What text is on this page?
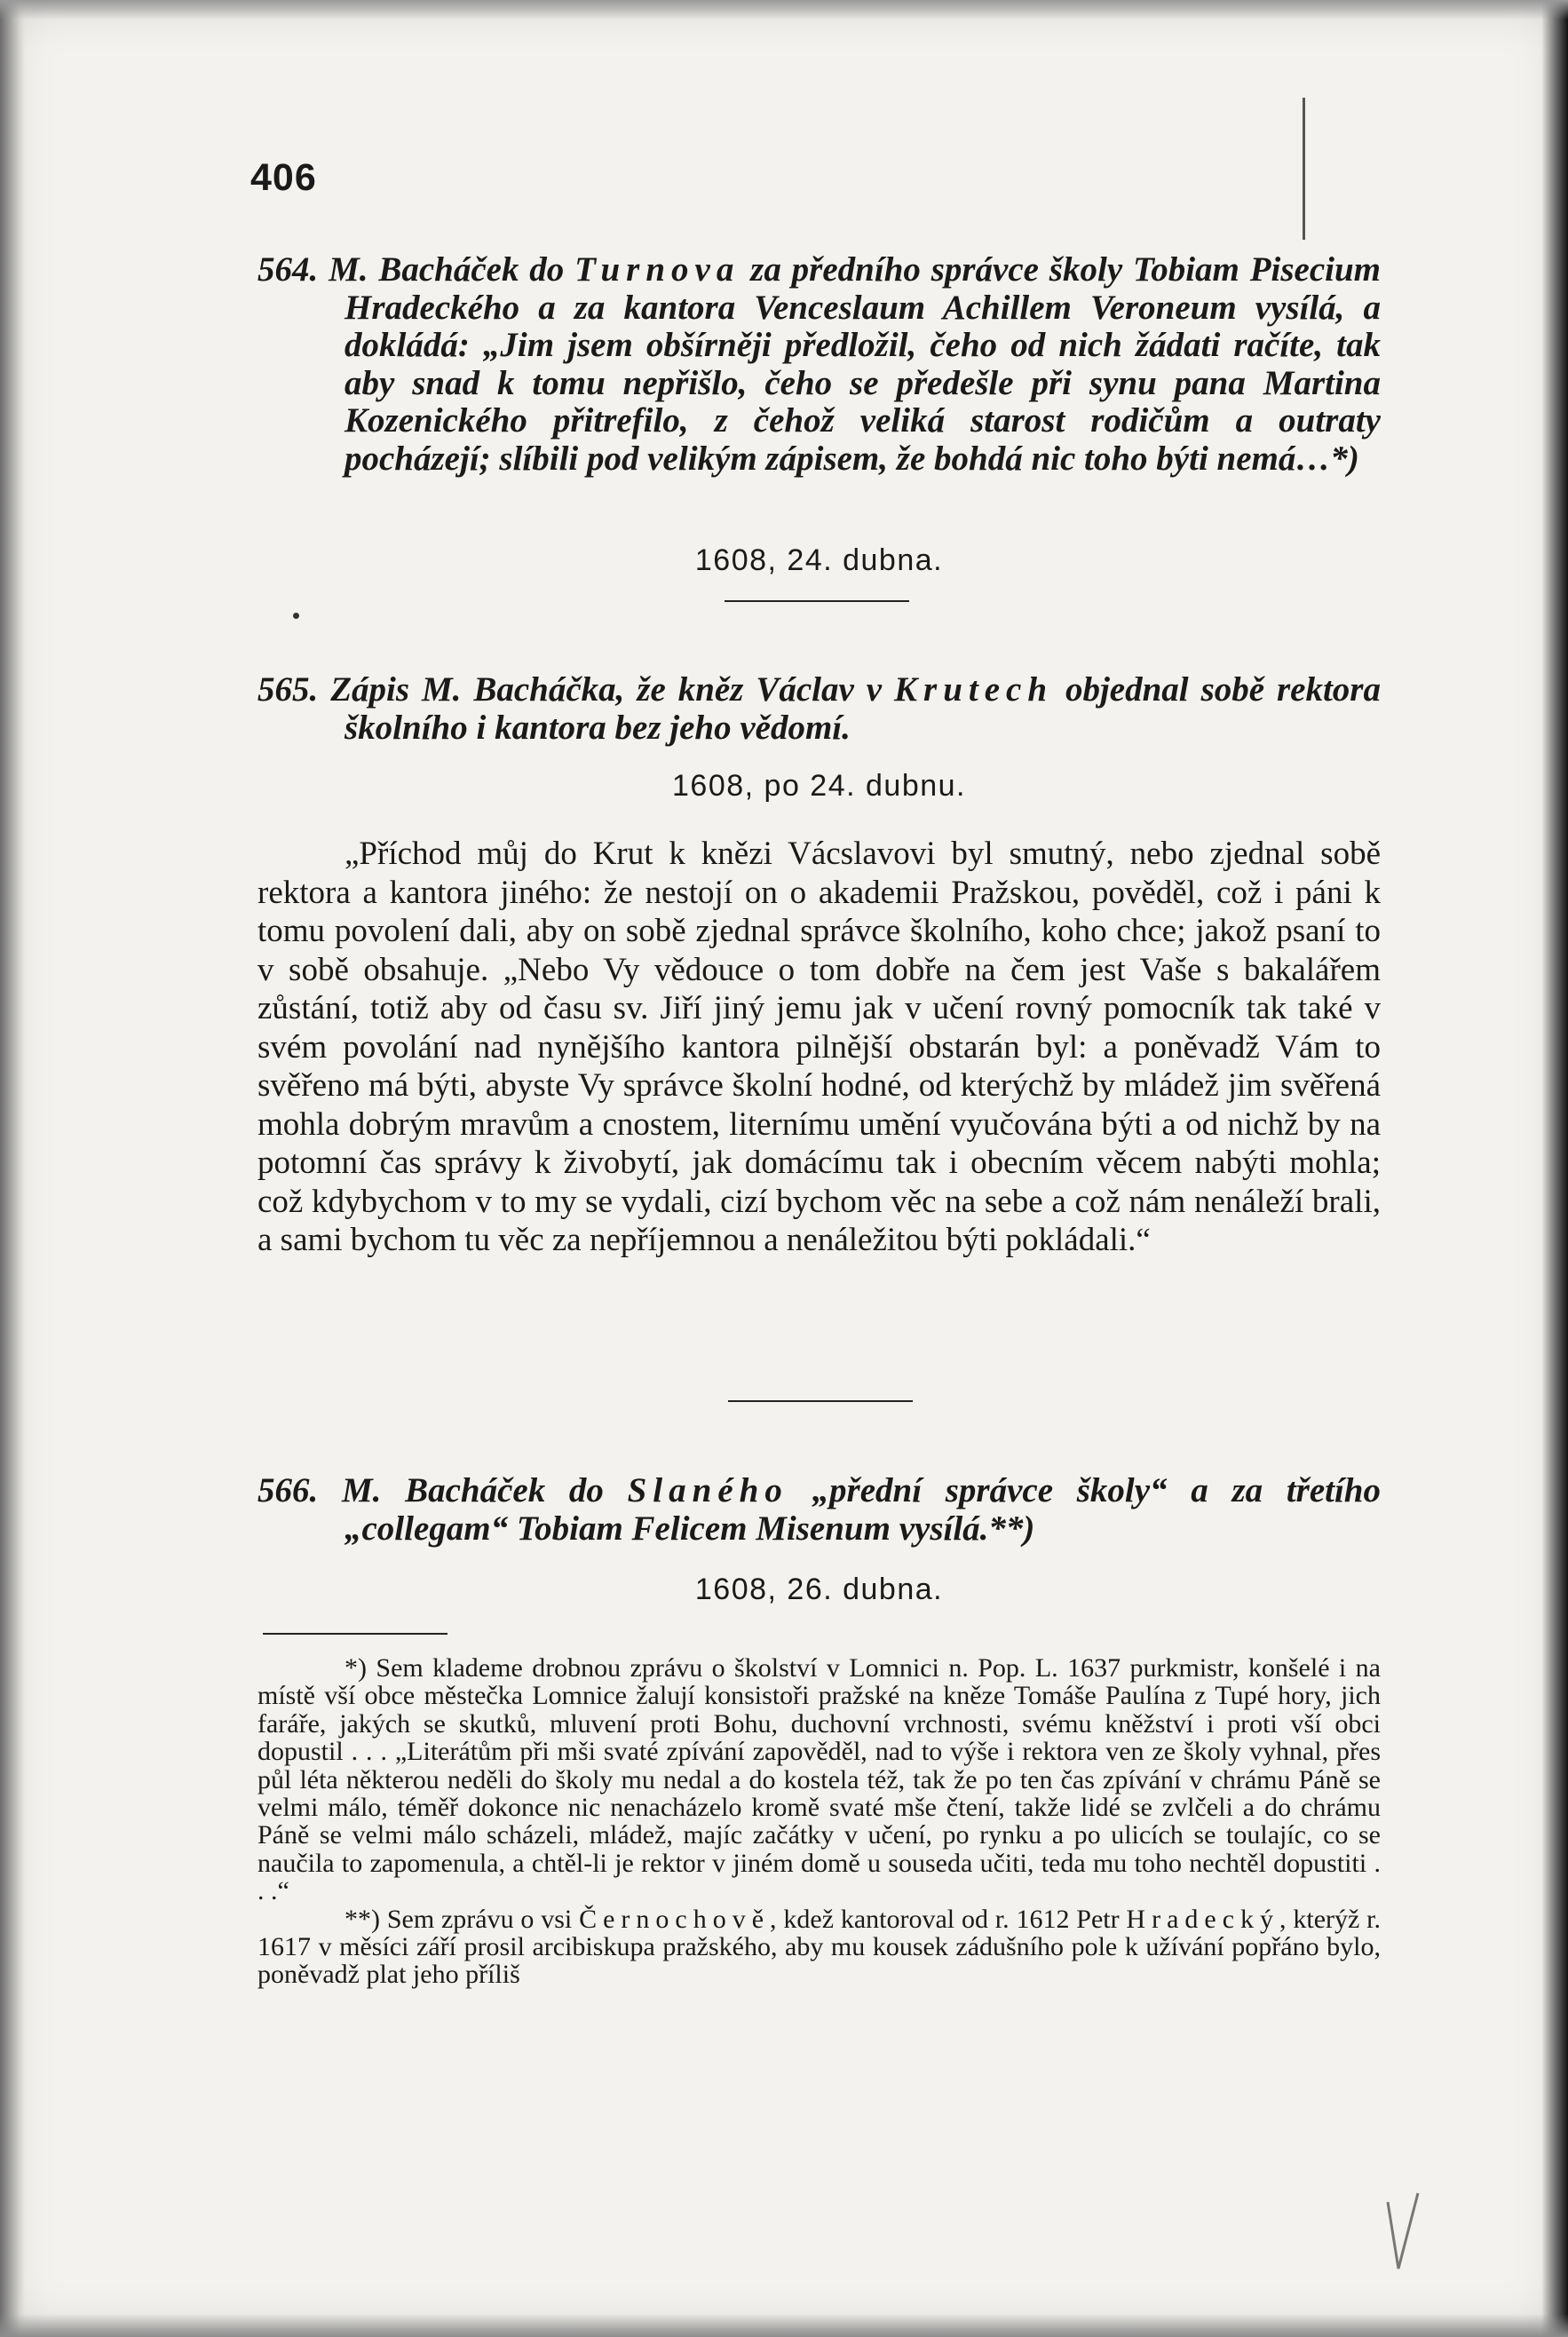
406

564. M. Bacháček do Turnova za předního správce školy Tobiam Pisecium Hradeckého a za kantora Venceslaum Achillem Veroneum vysílá, a dokládá: „Jim jsem obšírněji předložil, čeho od nich žádati račíte, tak aby snad k tomu nepřišlo, čeho se předešle při synu pana Martina Kozenického přitrefilo, z čehož veliká starost rodičům a outraty pocházejí; slíbili pod velikým zápisem, že bohdá nic toho býti nemá…*)

1608, 24. dubna.

565. Zápis M. Bacháčka, že kněz Václav v Krutech objednal sobě rektora školního i kantora bez jeho vědomí.

1608, po 24. dubnu.

„Příchod můj do Krut k knězi Vácslavovi byl smutný, nebo zjednal sobě rektora a kantora jiného: že nestojí on o akademii Pražskou, pověděl, což i páni k tomu povolení dali, aby on sobě zjednal správce školního, koho chce; jakož psaní to v sobě obsahuje. „Nebo Vy vědouce o tom dobře na čem jest Vaše s bakalářem zůstání, totiž aby od času sv. Jiří jiný jemu jak v učení rovný pomocník tak také v svém povolání nad nynějšího kantora pilnější obstarán byl: a poněvadž Vám to svěřeno má býti, abyste Vy správce školní hodné, od kterýchž by mládež jim svěřená mohla dobrým mravům a cnostem, liternímu umění vyučována býti a od nichž by na potomní čas správy k živobytí, jak domácímu tak i obecním věcem nabýti mohla; což kdybychom v to my se vydali, cizí bychom věc na sebe a což nám nenáleží brali, a sami bychom tu věc za nepříjemnou a nenáležitou býti pokládali.“

566. M. Bacháček do Slaného „přední správce školy“ a za třetího „collegam“ Tobiam Felicem Misenum vysílá.**)

1608, 26. dubna.

*) Sem klademe drobnou zprávu o školství v Lomnici n. Pop. L. 1637 purkmistr, konšelé i na místě vší obce městečka Lomnice žalují konsistoři pražské na kněze Tomáše Paulína z Tupé hory, jich faráře, jakých se skutků, mluvení proti Bohu, duchovní vrchnosti, svému kněžství i proti vší obci dopustil . . . „Literátům při mši svaté zpívání zapověděl, nad to výše i rektora ven ze školy vyhnal, přes půl léta některou neděli do školy mu nedal a do kostela též, tak že po ten čas zpívání v chrámu Páně se velmi málo, téměř dokonce nic nenacházelo kromě svaté mše čtení, takže lidé se zvlčeli a do chrámu Páně se velmi málo scházeli, mládež, majíc začátky v učení, po rynku a po ulicích se toulajíc, co se naučila to zapomenula, a chtěl-li je rektor v jiném domě u souseda učiti, teda mu toho nechtěl dopustiti . . .“

**) Sem zprávu o vsi Černochově, kdež kantoroval od r. 1612 Petr Hradecký, kterýž r. 1617 v měsíci září prosil arcibiskupa pražského, aby mu kousek zádušního pole k užívání popřáno bylo, poněvadž plat jeho příliš
